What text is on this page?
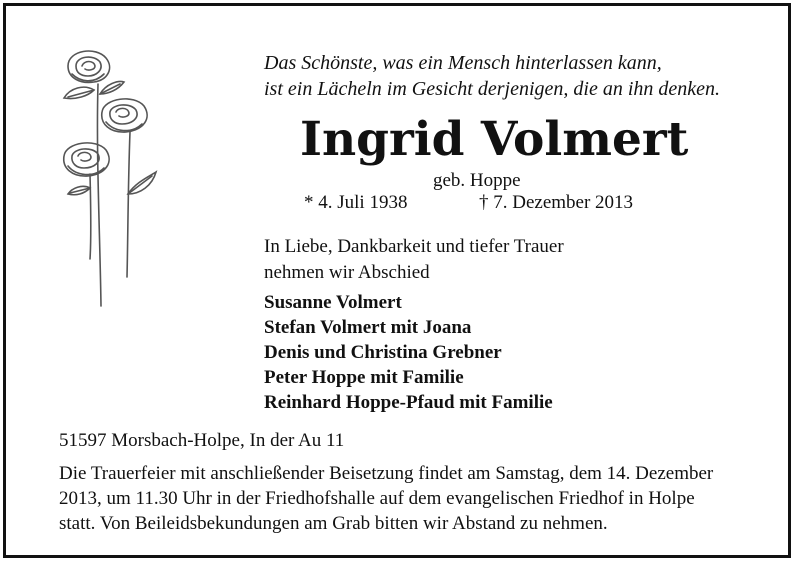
Das Schönste, was ein Mensch hinterlassen kann,
ist ein Lächeln im Gesicht derjenigen, die an ihn denken.
Ingrid Volmert
geb. Hoppe
* 4. Juli 1938	† 7. Dezember 2013
In Liebe, Dankbarkeit und tiefer Trauer
nehmen wir Abschied
Susanne Volmert
Stefan Volmert mit Joana
Denis und Christina Grebner
Peter Hoppe mit Familie
Reinhard Hoppe-Pfaud mit Familie
51597 Morsbach-Holpe, In der Au 11
Die Trauerfeier mit anschließender Beisetzung findet am Samstag, dem 14. Dezember
2013, um 11.30 Uhr in der Friedhofshalle auf dem evangelischen Friedhof in Holpe
statt. Von Beileidsbekundungen am Grab bitten wir Abstand zu nehmen.
